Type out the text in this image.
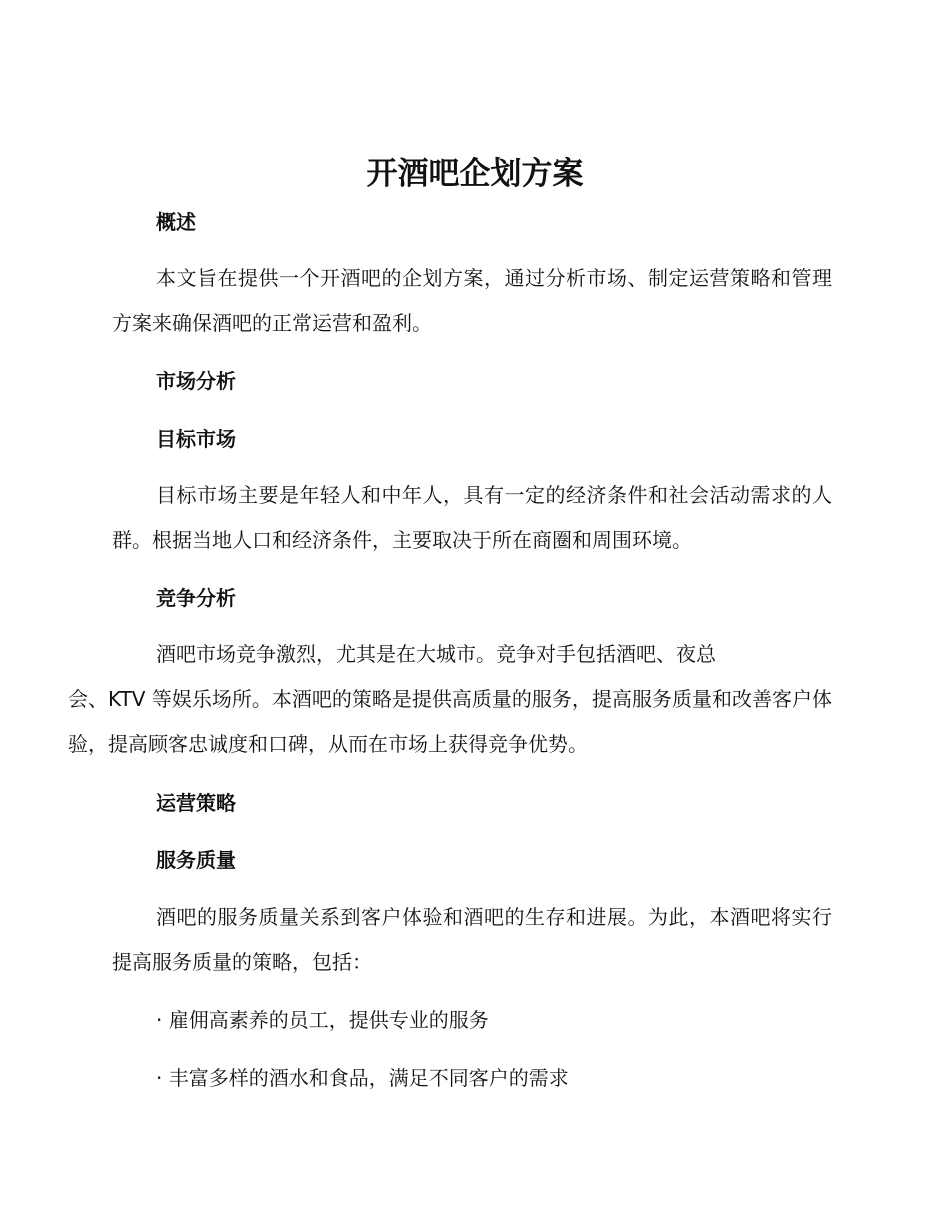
开酒吧企划方案
概述

本文旨在提供一个开酒吧的企划方案，通过分析市场、制定运营策略和管理方案来确保酒吧的正常运营和盈利。

市场分析
目标市场

目标市场主要是年轻人和中年人，具有一定的经济条件和社会活动需求的人群。根据当地人口和经济条件，主要取决于所在商圈和周围环境。

竞争分析

酒吧市场竞争激烈，尤其是在大城市。竞争对手包括酒吧、夜总
会、KTV 等娱乐场所。本酒吧的策略是提供高质量的服务，提高服务质量和改善客户体验，提高顾客忠诚度和口碑，从而在市场上获得竞争优势。

运营策略
服务质量

酒吧的服务质量关系到客户体验和酒吧的生存和进展。为此，本酒吧将实行提高服务质量的策略，包括：

· 雇佣高素养的员工，提供专业的服务

· 丰富多样的酒水和食品，满足不同客户的需求
